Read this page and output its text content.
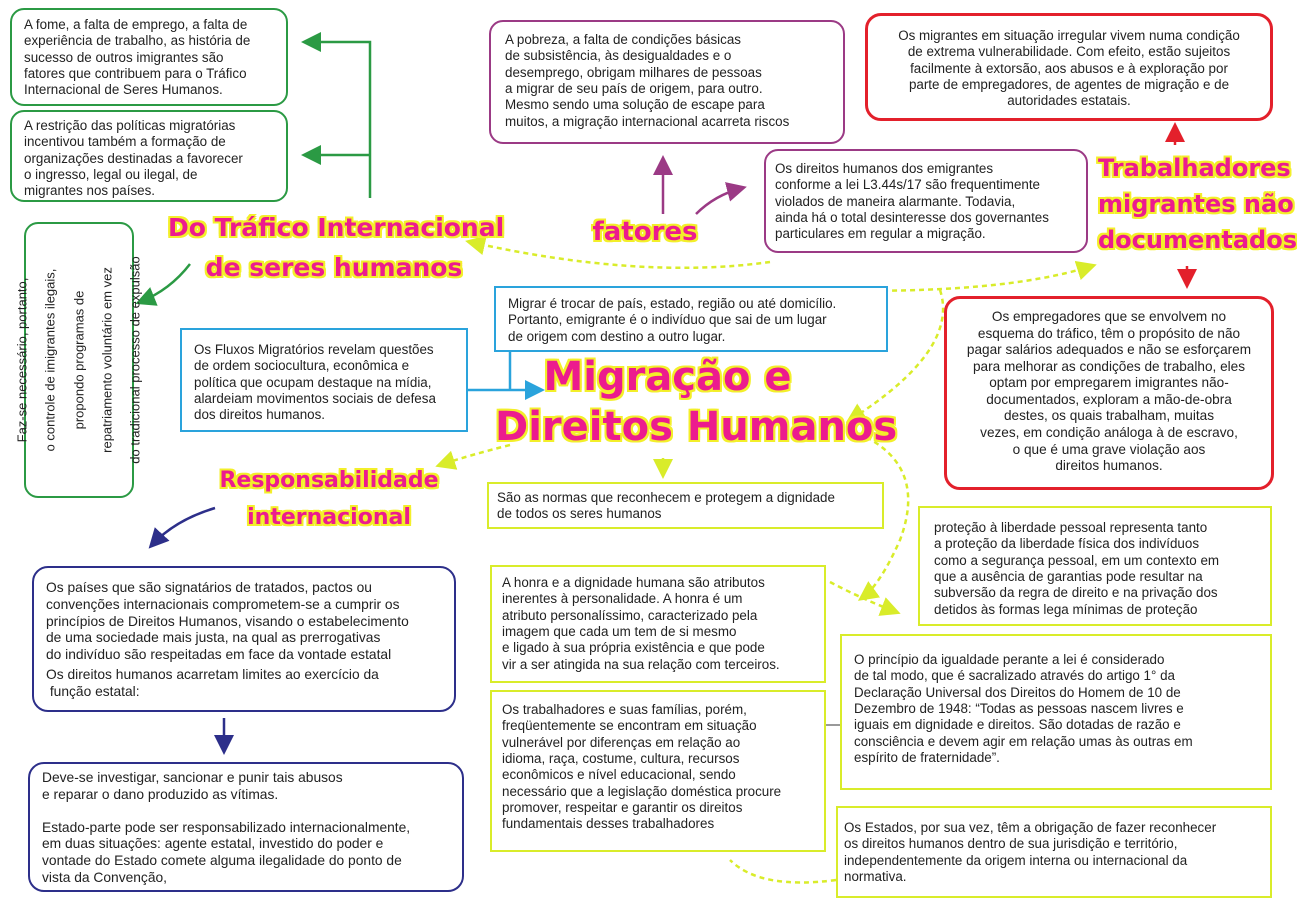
Migração e
Direitos Humanos
Do Tráfico Internacional
de seres humanos
fatores
Trabalhadores
migrantes não
documentados
Responsabilidade
internacional

A fome, a falta de emprego, a falta de

experiência de trabalho, as história de

sucesso de outros imigrantes são

fatores que contribuem para o Tráfico

Internacional de Seres Humanos.

A restrição das políticas migratórias

incentivou também a formação de

organizações destinadas a favorecer

o ingresso, legal ou ilegal, de

migrantes nos países.

Faz-se necessário, portanto, o controle de imigrantes ilegais, propondo programas de repatriamento voluntário em vez do tradicional processo de expulsão

A pobreza, a falta de condições básicas

de subsistência, às desigualdades e o

desemprego, obrigam milhares de pessoas

a migrar de seu país de origem, para outro.

Mesmo sendo uma solução de escape para

muitos, a migração internacional acarreta riscos

Os direitos humanos dos emigrantes

conforme a lei L3.44s/17 são frequentimente

violados de maneira alarmante. Todavia,

ainda há o total desinteresse dos governantes

particulares em regular a migração.

Os migrantes em situação irregular vivem numa condição

de extrema vulnerabilidade. Com efeito, estão sujeitos

facilmente à extorsão, aos abusos e à exploração por

parte de empregadores, de agentes de migração e de

autoridades estatais.

Os empregadores que se envolvem no

esquema do tráfico, têm o propósito de não

pagar salários adequados e não se esforçarem

para melhorar as condições de trabalho, eles

optam por empregarem imigrantes não-

documentados, exploram a mão-de-obra

destes, os quais trabalham, muitas

vezes, em condição análoga à de escravo,

o que é uma grave violação aos

direitos humanos.

Migrar é trocar de país, estado, região ou até domicílio.

Portanto, emigrante é o indivíduo que sai de um lugar

de origem com destino a outro lugar.

Os Fluxos Migratórios revelam questões

de ordem sociocultura, econômica e

política que ocupam destaque na mídia,

alardeiam movimentos sociais de defesa

dos direitos humanos.

São as normas que reconhecem e protegem a dignidade

de todos os seres humanos

proteção à liberdade pessoal representa tanto

a proteção da liberdade física dos indivíduos

como a segurança pessoal, em um contexto em

que a ausência de garantias pode resultar na

subversão da regra de direito e na privação dos

detidos às formas lega mínimas de proteção

A honra e a dignidade humana são atributos

inerentes à personalidade. A honra é um

atributo personalíssimo, caracterizado pela

imagem que cada um tem de si mesmo

e ligado à sua própria existência e que pode

vir a ser atingida na sua relação com terceiros.	O princípio da igualdade perante a lei é considerado

de tal modo, que é sacralizado através do artigo 1° da

Declaração Universal dos Direitos do Homem de 10 de

Dezembro de 1948: “Todas as pessoas nascem livres e

iguais em dignidade e direitos. São dotadas de razão e

consciência e devem agir em relação umas às outras em

espírito de fraternidade”.

Os trabalhadores e suas famílias, porém,

freqüentemente se encontram em situação

vulnerável por diferenças em relação ao

idioma, raça, costume, cultura, recursos

econômicos e nível educacional, sendo

necessário que a legislação doméstica procure

promover, respeitar e garantir os direitos

fundamentais desses trabalhadores	Os Estados, por sua vez, têm a obrigação de fazer reconhecer

os direitos humanos dentro de sua jurisdição e território,

independentemente da origem interna ou internacional da

normativa.

Os países que são signatários de tratados, pactos ou

convenções internacionais comprometem-se a cumprir os

princípios de Direitos Humanos, visando o estabelecimento

de uma sociedade mais justa, na qual as prerrogativas

do indivíduo são respeitadas em face da vontade estatal

Os direitos humanos acarretam limites ao exercício da

função estatal:

Deve-se investigar, sancionar e punir tais abusos

e reparar o dano produzido as vítimas.

Estado-parte pode ser responsabilizado internacionalmente,

em duas situações: agente estatal, investido do poder e

vontade do Estado comete alguma ilegalidade do ponto de

vista da Convenção,
